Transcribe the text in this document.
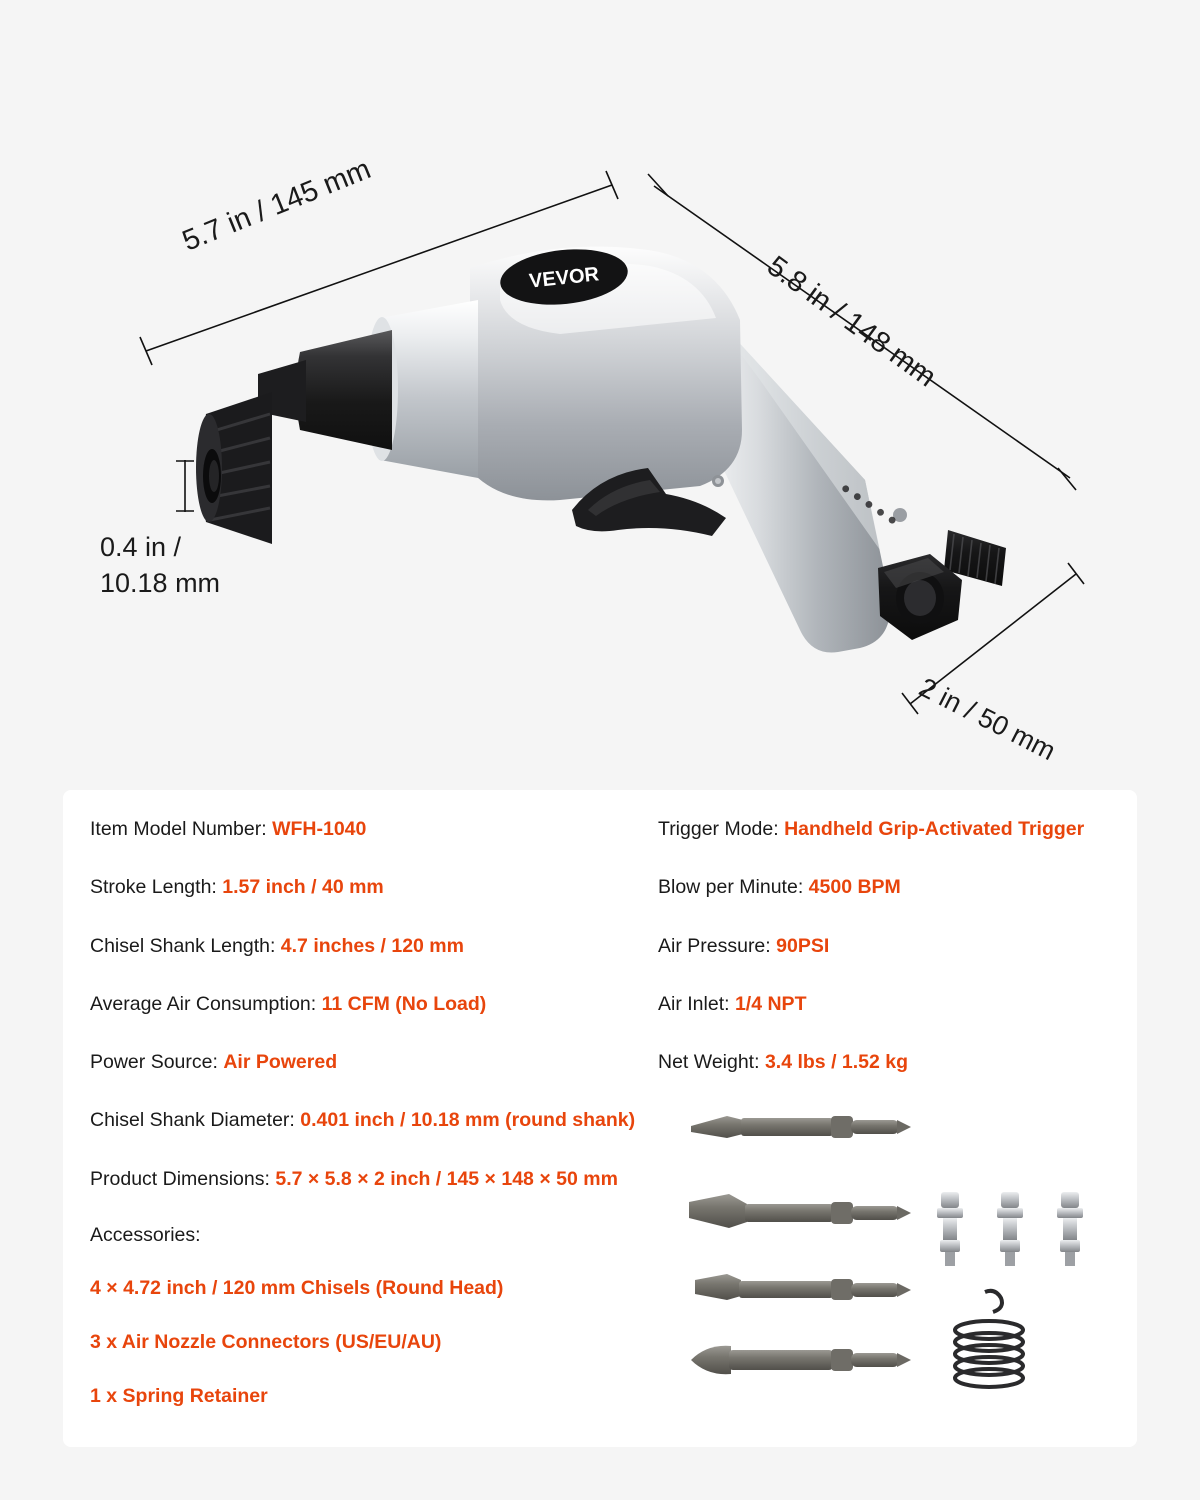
VEVOR
5.7 in / 145 mm
5.8 in / 148 mm
0.4 in /
10.18 mm
2 in / 50 mm
Item Model Number: WFH-1040
Stroke Length: 1.57 inch / 40 mm
Chisel Shank Length: 4.7 inches / 120 mm
Average Air Consumption: 11 CFM (No Load)
Power Source: Air Powered
Chisel Shank Diameter: 0.401 inch / 10.18 mm (round shank)
Product Dimensions: 5.7 × 5.8 × 2 inch / 145 × 148 × 50 mm
Accessories:
4 × 4.72 inch / 120 mm Chisels (Round Head)
3 x Air Nozzle Connectors (US/EU/AU)
1 x Spring Retainer
Trigger Mode: Handheld Grip-Activated Trigger
Blow per Minute: 4500 BPM
Air Pressure: 90PSI
Air Inlet: 1/4 NPT
Net Weight: 3.4 lbs / 1.52 kg
